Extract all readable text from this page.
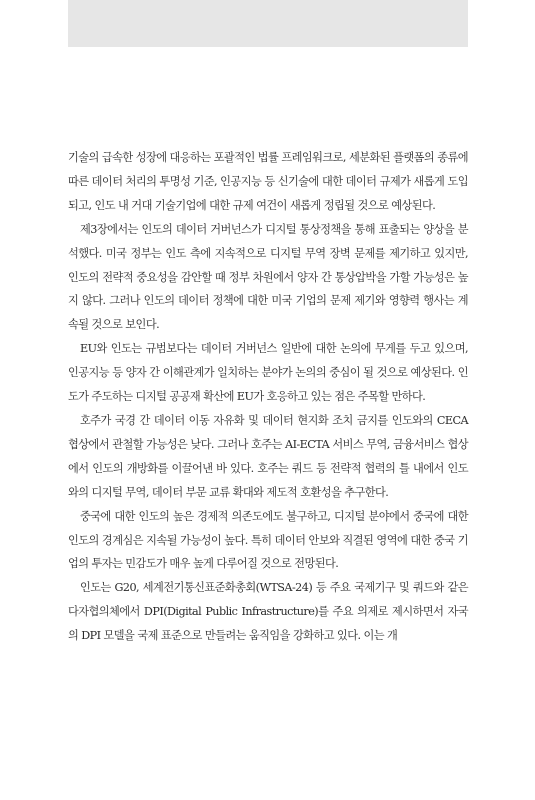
기술의 급속한 성장에 대응하는 포괄적인 법률 프레임워크로, 세분화된 플랫폼의 종류에 따른 데이터 처리의 투명성 기준, 인공지능 등 신기술에 대한 데이터 규제가 새롭게 도입되고, 인도 내 거대 기술기업에 대한 규제 여건이 새롭게 정립될 것으로 예상된다.

제3장에서는 인도의 데이터 거버넌스가 디지털 통상정책을 통해 표출되는 양상을 분석했다. 미국 정부는 인도 측에 지속적으로 디지털 무역 장벽 문제를 제기하고 있지만, 인도의 전략적 중요성을 감안할 때 정부 차원에서 양자 간 통상압박을 가할 가능성은 높지 않다. 그러나 인도의 데이터 정책에 대한 미국 기업의 문제 제기와 영향력 행사는 계속될 것으로 보인다.

EU와 인도는 규범보다는 데이터 거버넌스 일반에 대한 논의에 무게를 두고 있으며, 인공지능 등 양자 간 이해관계가 일치하는 분야가 논의의 중심이 될 것으로 예상된다. 인도가 주도하는 디지털 공공재 확산에 EU가 호응하고 있는 점은 주목할 만하다.

호주가 국경 간 데이터 이동 자유화 및 데이터 현지화 조치 금지를 인도와의 CECA 협상에서 관철할 가능성은 낮다. 그러나 호주는 AI-ECTA 서비스 무역, 금융서비스 협상에서 인도의 개방화를 이끌어낸 바 있다. 호주는 쿼드 등 전략적 협력의 틀 내에서 인도와의 디지털 무역, 데이터 부문 교류 확대와 제도적 호환성을 추구한다.

중국에 대한 인도의 높은 경제적 의존도에도 불구하고, 디지털 분야에서 중국에 대한 인도의 경계심은 지속될 가능성이 높다. 특히 데이터 안보와 직결된 영역에 대한 중국 기업의 투자는 민감도가 매우 높게 다루어질 것으로 전망된다.

인도는 G20, 세계전기통신표준화총회(WTSA-24) 등 주요 국제기구 및 쿼드와 같은 다자협의체에서 DPI(Digital Public Infrastructure)를 주요 의제로 제시하면서 자국의 DPI 모델을 국제 표준으로 만들려는 움직임을 강화하고 있다. 이는 개
